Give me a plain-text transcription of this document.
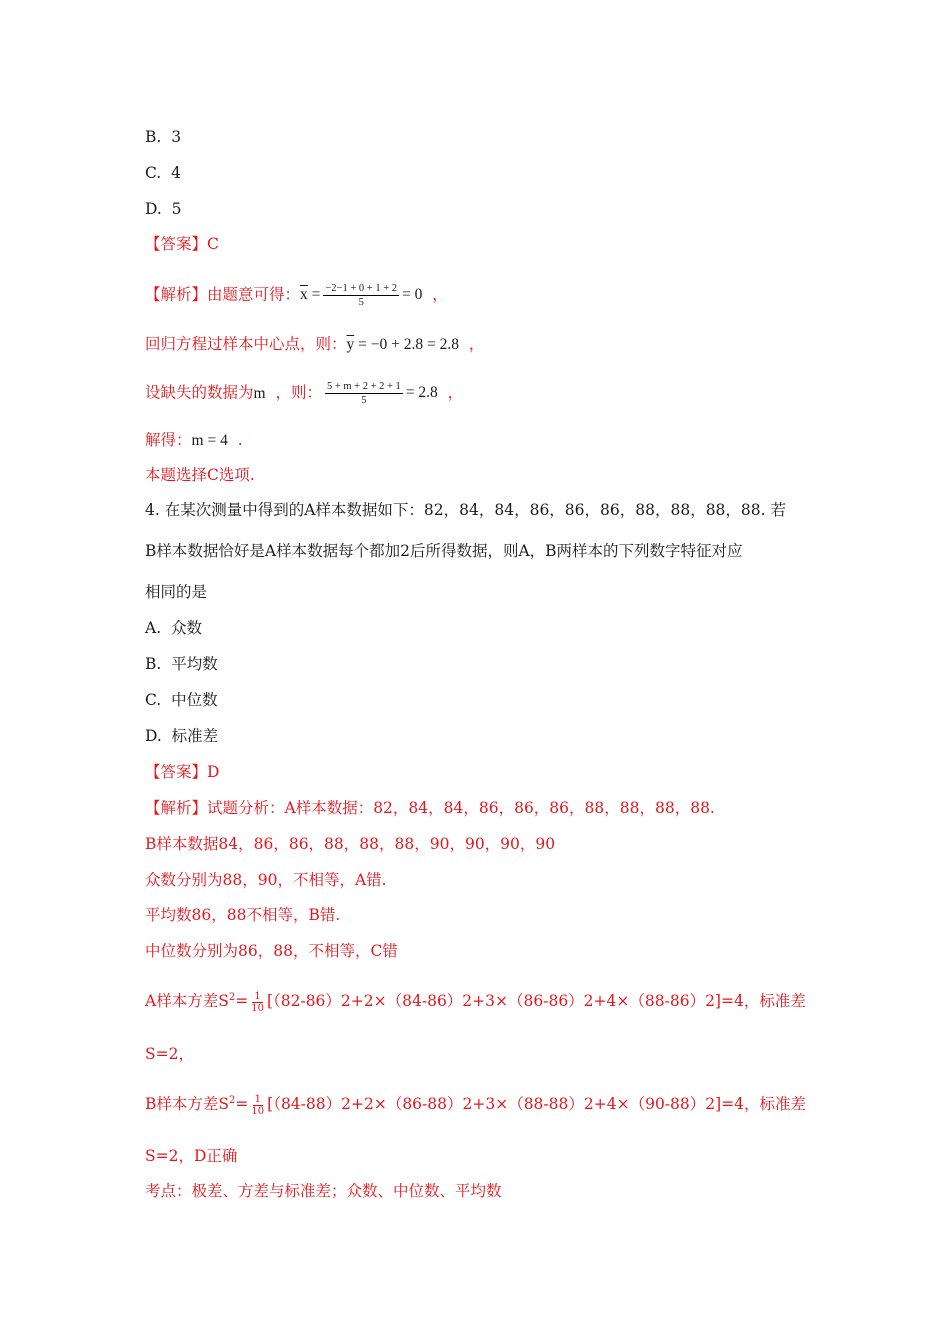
B. 3
C. 4
D. 5
【答案】C
【解析】由题意可得：$\overline{x} = \frac{-2-1 + 0 + 1 + 2}{5} = 0$ ，
回归方程过样本中心点，则：$\overline{y} = -0 + 2.8 = 2.8$ ，
设缺失的数据为m ，则： $\frac{5 + m + 2 + 2 + 1}{5} = 2.8$ ，
解得：m = 4 .
本题选择C选项.
4. 在某次测量中得到的A样本数据如下：82，84，84，86，86，86，88，88，88，88. 若
B样本数据恰好是A样本数据每个都加2后所得数据，则A，B两样本的下列数字特征对应
相同的是
A. 众数
B. 平均数
C. 中位数
D. 标准差
【答案】D
【解析】试题分析：A样本数据：82，84，84，86，86，86，88，88，88，88.
B样本数据84，86，86，88，88，88，90，90，90，90
众数分别为88，90，不相等，A错.
平均数86，88不相等，B错.
中位数分别为86，88，不相等，C错
A样本方差$S^2= \frac{1}{10} [(82-86)2+2\times(84-86)2+3\times(86-86)2+4\times(88-86)2]=4$，标准差
S=2，
B样本方差$S^2= \frac{1}{10} [(84-88)2+2\times(86-88)2+3\times(88-88)2+4\times(90-88)2]=4$，标准差
S=2，D正确
考点：极差、方差与标准差；众数、中位数、平均数
